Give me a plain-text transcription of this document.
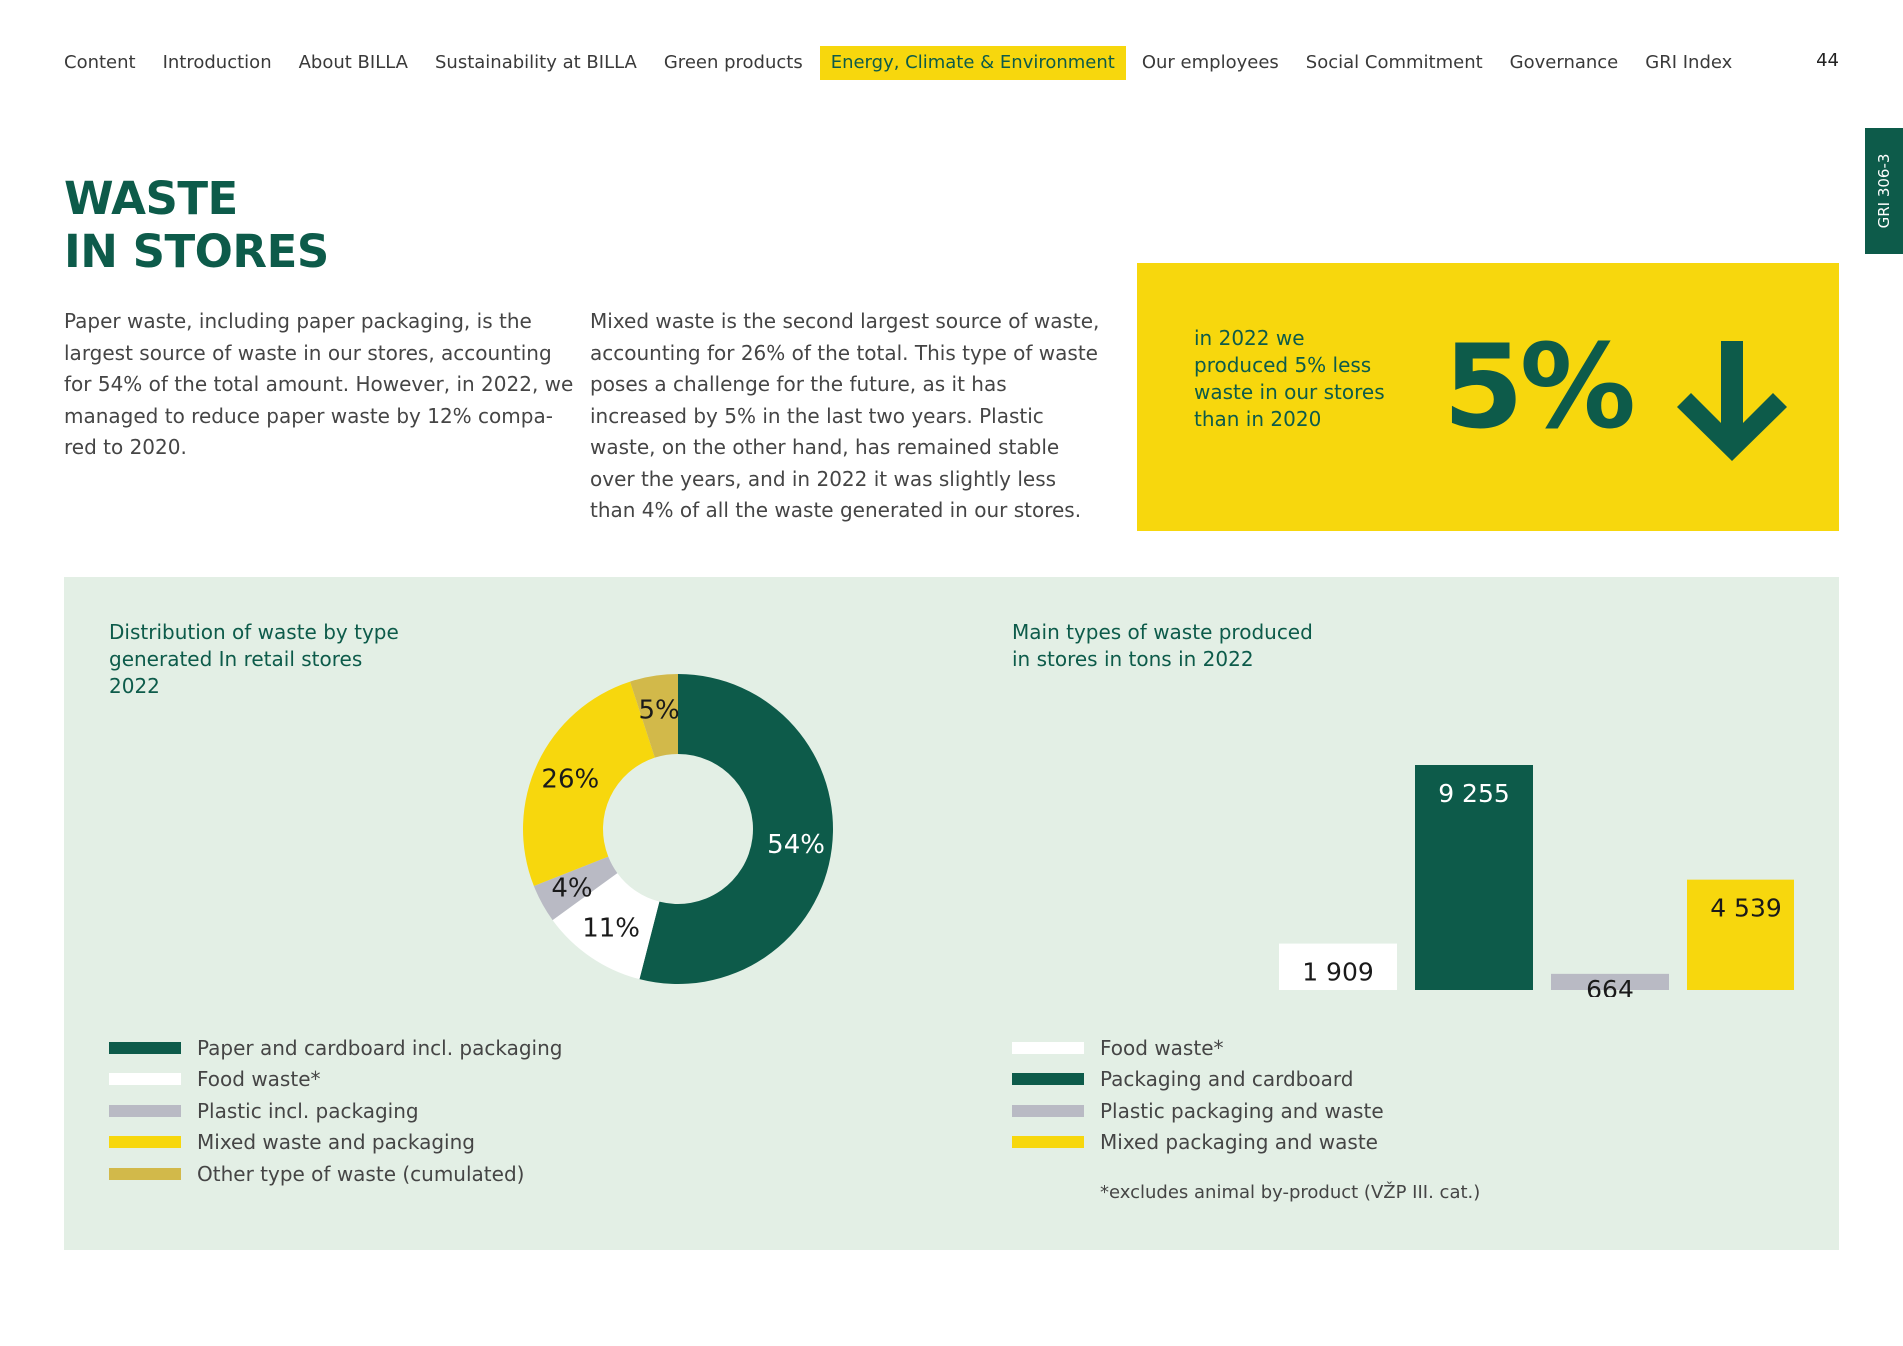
Content Introduction About BILLA Sustainability at BILLA Green products	Energy, Climate & Environment	Our employees Social Commitment Governance GRI Index	44
GRI 306-3
WASTE
IN STORES

Paper waste, including paper packaging, is the largest source of waste in our stores, accounting for 54% of the total amount. However, in 2022, we managed to reduce paper waste by 12% compa-red to 2020.

Mixed waste is the second largest source of waste, accounting for 26% of the total. This type of waste poses a challenge for the future, as it has increased by 5% in the last two years. Plastic waste, on the other hand, has remained stable over the years, and in 2022 it was slightly less than 4% of all the waste generated in our stores.

in 2022 we produced 5% less waste in our stores than in 2020	5%
Distribution of waste by type generated In retail stores 2022
54%
11%
4%
26%
5%
Paper and cardboard incl. packaging
Food waste*
Plastic incl. packaging
Mixed waste and packaging
Other type of waste (cumulated)
Main types of waste produced in stores in tons in 2022
1 909
9 255
664
4 539
Food waste*
Packaging and cardboard
Plastic packaging and waste
Mixed packaging and waste
*excludes animal by-product (VŽP III. cat.)
